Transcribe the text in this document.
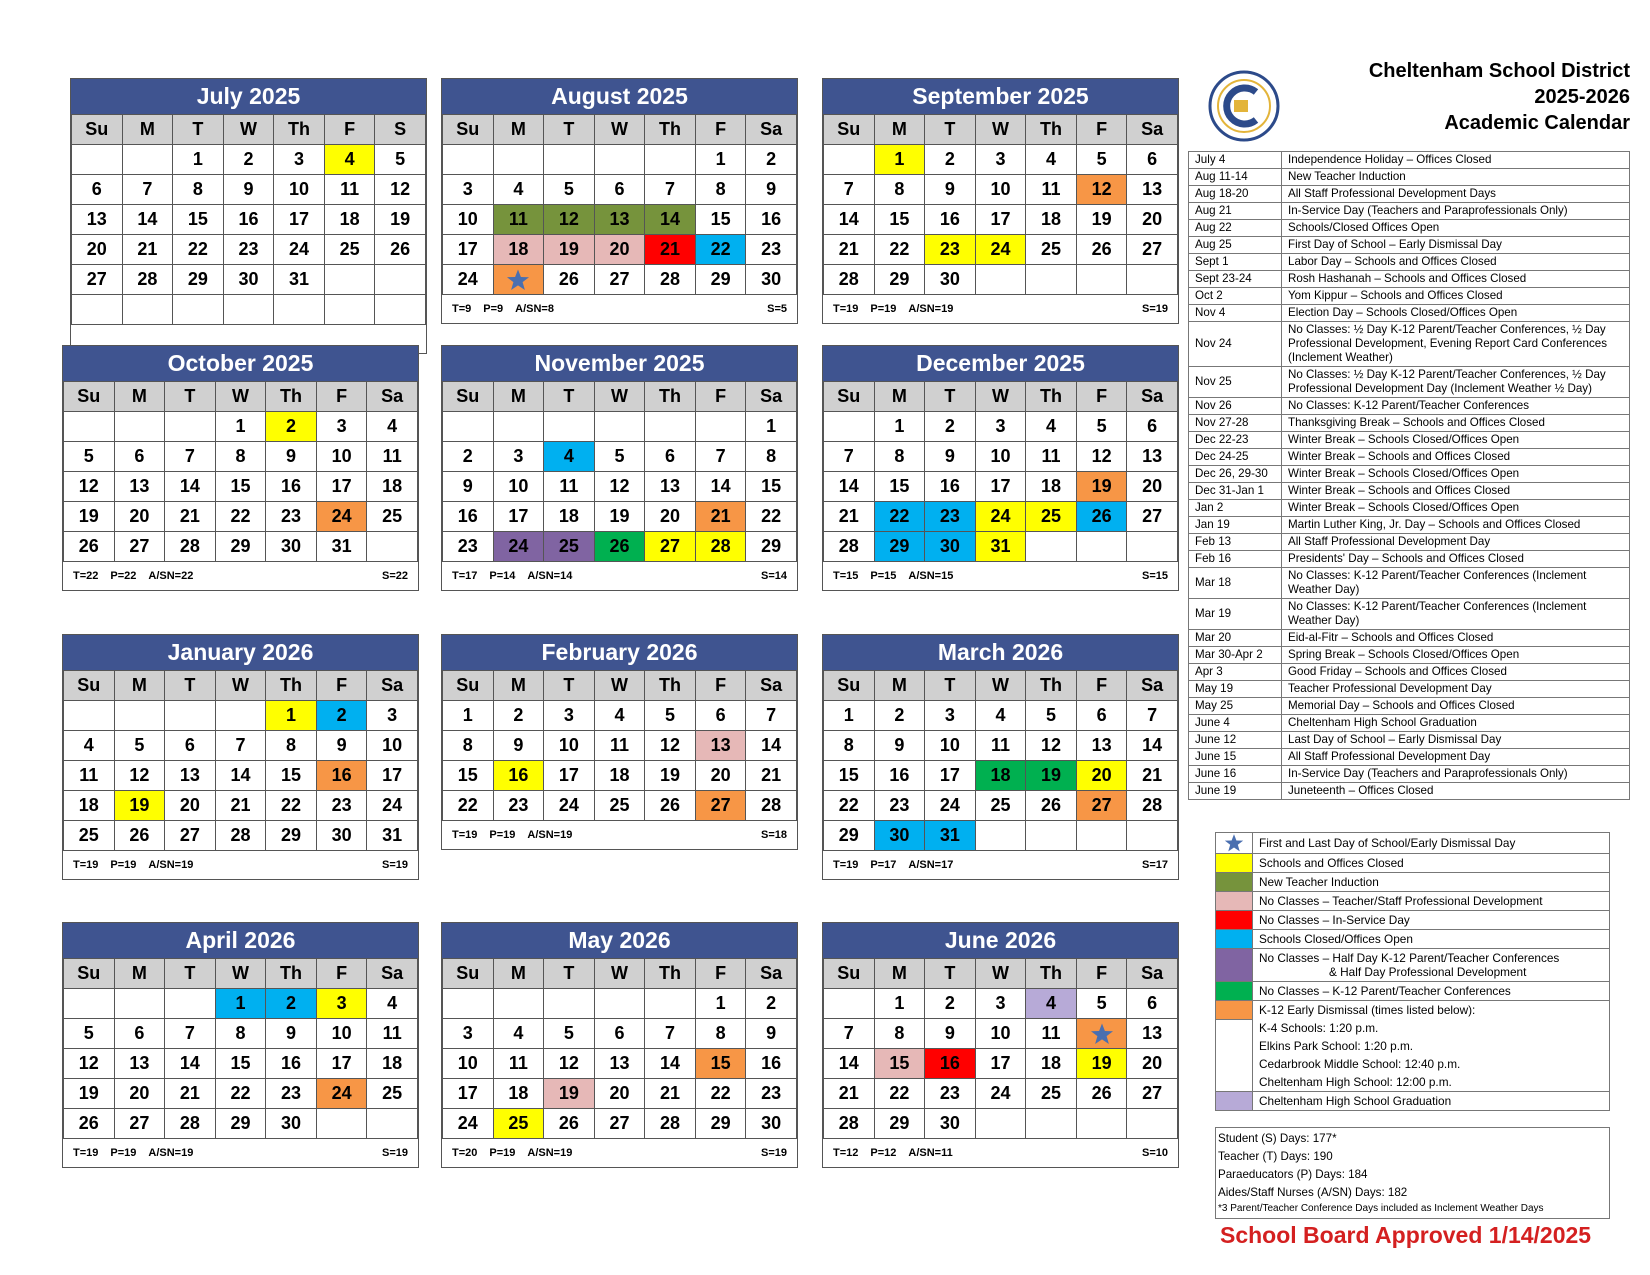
Cheltenham School District
2025-2026
Academic Calendar
July 2025
Su	M	T	W	Th	F	S
		1	2	3	4	5
6	7	8	9	10	11	12
13	14	15	16	17	18	19
20	21	22	23	24	25	26
27	28	29	30	31		

August 2025
Su	M	T	W	Th	F	Sa
					1	2
3	4	5	6	7	8	9
10	11	12	13	14	15	16
17	18	19	20	21	22	23
24		26	27	28	29	30
T=9 P=9 A/SN=8	S=5
September 2025
Su	M	T	W	Th	F	Sa
	1	2	3	4	5	6
7	8	9	10	11	12	13
14	15	16	17	18	19	20
21	22	23	24	25	26	27
28	29	30				
T=19 P=19 A/SN=19	S=19
October 2025
Su	M	T	W	Th	F	Sa
			1	2	3	4
5	6	7	8	9	10	11
12	13	14	15	16	17	18
19	20	21	22	23	24	25
26	27	28	29	30	31	
T=22 P=22 A/SN=22	S=22
November 2025
Su	M	T	W	Th	F	Sa
						1
2	3	4	5	6	7	8
9	10	11	12	13	14	15
16	17	18	19	20	21	22
23	24	25	26	27	28	29
T=17 P=14 A/SN=14	S=14
December 2025
Su	M	T	W	Th	F	Sa
	1	2	3	4	5	6
7	8	9	10	11	12	13
14	15	16	17	18	19	20
21	22	23	24	25	26	27
28	29	30	31			
T=15 P=15 A/SN=15	S=15
January 2026
Su	M	T	W	Th	F	Sa
				1	2	3
4	5	6	7	8	9	10
11	12	13	14	15	16	17
18	19	20	21	22	23	24
25	26	27	28	29	30	31
T=19 P=19 A/SN=19	S=19
February 2026
Su	M	T	W	Th	F	Sa
1	2	3	4	5	6	7
8	9	10	11	12	13	14
15	16	17	18	19	20	21
22	23	24	25	26	27	28
T=19 P=19 A/SN=19	S=18
March 2026
Su	M	T	W	Th	F	Sa
1	2	3	4	5	6	7
8	9	10	11	12	13	14
15	16	17	18	19	20	21
22	23	24	25	26	27	28
29	30	31				
T=19 P=17 A/SN=17	S=17
April 2026
Su	M	T	W	Th	F	Sa
			1	2	3	4
5	6	7	8	9	10	11
12	13	14	15	16	17	18
19	20	21	22	23	24	25
26	27	28	29	30		
T=19 P=19 A/SN=19	S=19
May 2026
Su	M	T	W	Th	F	Sa
					1	2
3	4	5	6	7	8	9
10	11	12	13	14	15	16
17	18	19	20	21	22	23
24	25	26	27	28	29	30
T=20 P=19 A/SN=19	S=19
June 2026
Su	M	T	W	Th	F	Sa
	1	2	3	4	5	6
7	8	9	10	11		13
14	15	16	17	18	19	20
21	22	23	24	25	26	27
28	29	30				
T=12 P=12 A/SN=11	S=10
July 4	Independence Holiday – Offices Closed
Aug 11-14	New Teacher Induction
Aug 18-20	All Staff Professional Development Days
Aug 21	In-Service Day (Teachers and Paraprofessionals Only)
Aug 22	Schools/Closed Offices Open
Aug 25	First Day of School – Early Dismissal Day
Sept 1	Labor Day – Schools and Offices Closed
Sept 23-24	Rosh Hashanah – Schools and Offices Closed
Oct 2	Yom Kippur – Schools and Offices Closed
Nov 4	Election Day – Schools Closed/Offices Open
Nov 24	No Classes: ½ Day K-12 Parent/Teacher Conferences, ½ Day Professional Development, Evening Report Card Conferences (Inclement Weather)
Nov 25	No Classes: ½ Day K-12 Parent/Teacher Conferences, ½ Day Professional Development Day (Inclement Weather ½ Day)
Nov 26	No Classes: K-12 Parent/Teacher Conferences
Nov 27-28	Thanksgiving Break – Schools and Offices Closed
Dec 22-23	Winter Break – Schools Closed/Offices Open
Dec 24-25	Winter Break – Schools and Offices Closed
Dec 26, 29-30	Winter Break – Schools Closed/Offices Open
Dec 31-Jan 1	Winter Break – Schools and Offices Closed
Jan 2	Winter Break – Schools Closed/Offices Open
Jan 19	Martin Luther King, Jr. Day – Schools and Offices Closed
Feb 13	All Staff Professional Development Day
Feb 16	Presidents' Day – Schools and Offices Closed
Mar 18	No Classes: K-12 Parent/Teacher Conferences (Inclement Weather Day)
Mar 19	No Classes: K-12 Parent/Teacher Conferences (Inclement Weather Day)
Mar 20	Eid-al-Fitr – Schools and Offices Closed
Mar 30-Apr 2	Spring Break – Schools Closed/Offices Open
Apr 3	Good Friday – Schools and Offices Closed
May 19	Teacher Professional Development Day
May 25	Memorial Day – Schools and Offices Closed
June 4	Cheltenham High School Graduation
June 12	Last Day of School – Early Dismissal Day
June 15	All Staff Professional Development Day
June 16	In-Service Day (Teachers and Paraprofessionals Only)
June 19	Juneteenth – Offices Closed

First and Last Day of School/Early Dismissal Day

	Schools and Offices Closed

	New Teacher Induction

	No Classes – Teacher/Staff Professional Development

	No Classes – In-Service Day

	Schools Closed/Offices Open

	No Classes – Half Day K-12 Parent/Teacher Conferences
& Half Day Professional Development

	No Classes – K-12 Parent/Teacher Conferences

	K-12 Early Dismissal (times listed below):

	K-4 Schools: 1:20 p.m.

	Elkins Park School: 1:20 p.m.

	Cedarbrook Middle School: 12:40 p.m.

	Cheltenham High School: 12:00 p.m.

	Cheltenham High School Graduation
Student (S) Days: 177*
Teacher (T) Days: 190
Paraeducators (P) Days: 184
Aides/Staff Nurses (A/SN) Days: 182
*3 Parent/Teacher Conference Days included as Inclement Weather Days
School Board Approved 1/14/2025
